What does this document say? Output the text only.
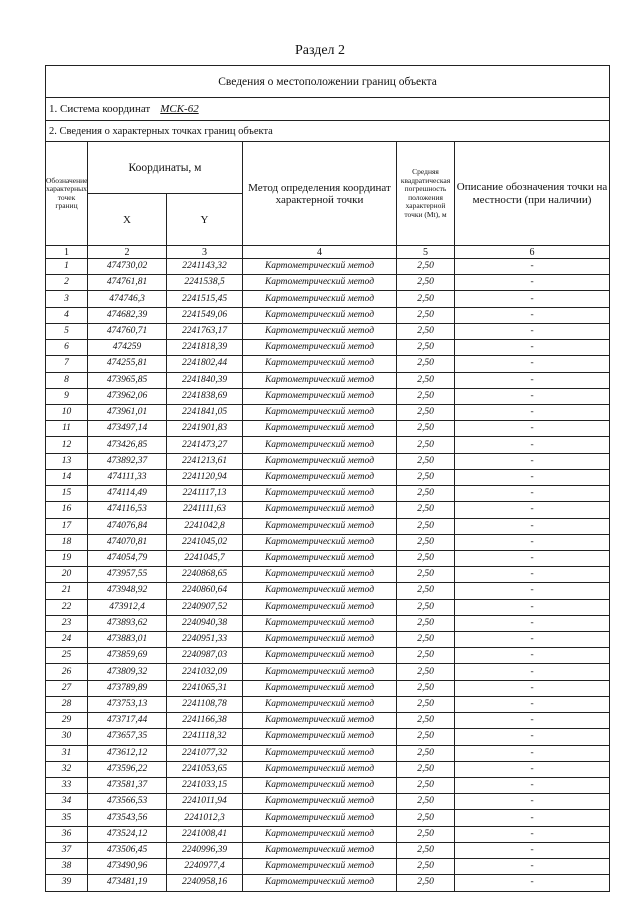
Раздел 2
Сведения о местоположении границ объекта					
1. Система координат МСК-62					
2. Сведения о характерных точках границ объекта					
Обозначение характерных точек границ	Координаты, м		Метод определения координат характерной точки	Средняя квадратическая погрешность положения характерной точки (Mt), м	Описание обозначения точки на местности (при наличии)
	X	Y			
1	2	3	4	5	6
1	474730,02	2241143,32	Картометрический метод	2,50	-
2	474761,81	2241538,5	Картометрический метод	2,50	-
3	474746,3	2241515,45	Картометрический метод	2,50	-
4	474682,39	2241549,06	Картометрический метод	2,50	-
5	474760,71	2241763,17	Картометрический метод	2,50	-
6	474259	2241818,39	Картометрический метод	2,50	-
7	474255,81	2241802,44	Картометрический метод	2,50	-
8	473965,85	2241840,39	Картометрический метод	2,50	-
9	473962,06	2241838,69	Картометрический метод	2,50	-
10	473961,01	2241841,05	Картометрический метод	2,50	-
11	473497,14	2241901,83	Картометрический метод	2,50	-
12	473426,85	2241473,27	Картометрический метод	2,50	-
13	473892,37	2241213,61	Картометрический метод	2,50	-
14	474111,33	2241120,94	Картометрический метод	2,50	-
15	474114,49	2241117,13	Картометрический метод	2,50	-
16	474116,53	2241111,63	Картометрический метод	2,50	-
17	474076,84	2241042,8	Картометрический метод	2,50	-
18	474070,81	2241045,02	Картометрический метод	2,50	-
19	474054,79	2241045,7	Картометрический метод	2,50	-
20	473957,55	2240868,65	Картометрический метод	2,50	-
21	473948,92	2240860,64	Картометрический метод	2,50	-
22	473912,4	2240907,52	Картометрический метод	2,50	-
23	473893,62	2240940,38	Картометрический метод	2,50	-
24	473883,01	2240951,33	Картометрический метод	2,50	-
25	473859,69	2240987,03	Картометрический метод	2,50	-
26	473809,32	2241032,09	Картометрический метод	2,50	-
27	473789,89	2241065,31	Картометрический метод	2,50	-
28	473753,13	2241108,78	Картометрический метод	2,50	-
29	473717,44	2241166,38	Картометрический метод	2,50	-
30	473657,35	2241118,32	Картометрический метод	2,50	-
31	473612,12	2241077,32	Картометрический метод	2,50	-
32	473596,22	2241053,65	Картометрический метод	2,50	-
33	473581,37	2241033,15	Картометрический метод	2,50	-
34	473566,53	2241011,94	Картометрический метод	2,50	-
35	473543,56	2241012,3	Картометрический метод	2,50	-
36	473524,12	2241008,41	Картометрический метод	2,50	-
37	473506,45	2240996,39	Картометрический метод	2,50	-
38	473490,96	2240977,4	Картометрический метод	2,50	-
39	473481,19	2240958,16	Картометрический метод	2,50	-
